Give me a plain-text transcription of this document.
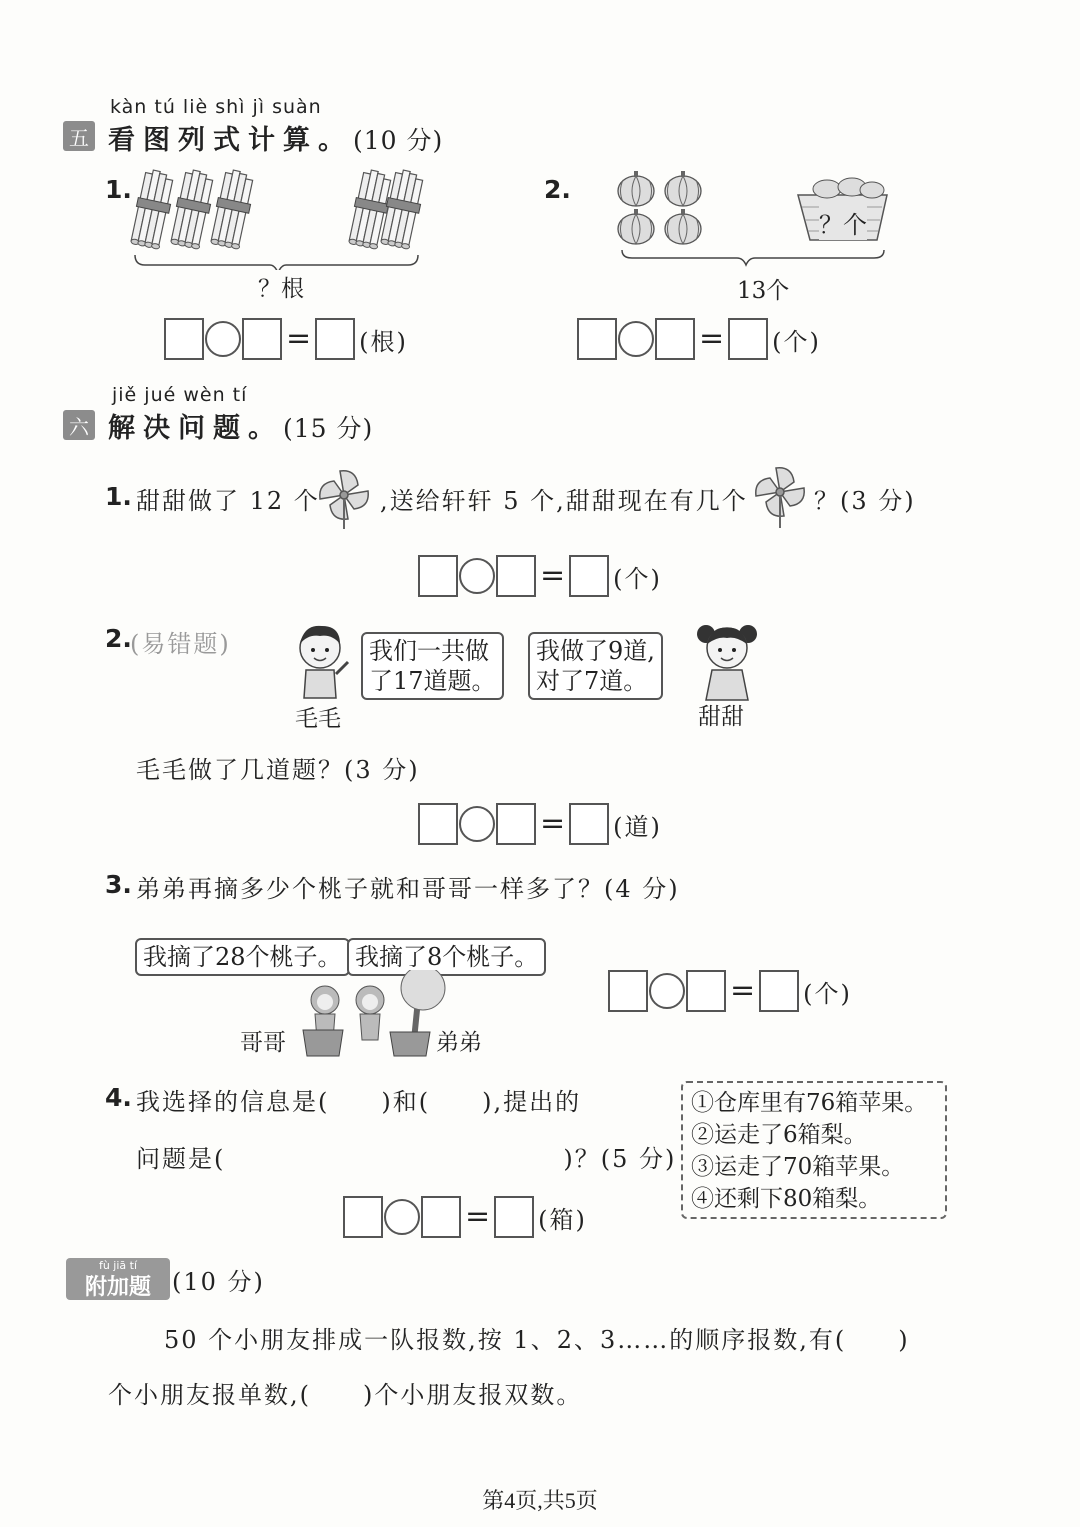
kàn tú liè shì jì suàn
五 看图列式计算。(10 分)
1.
？根
= (根)
2.
？个
13个
= (个)
jiě jué wèn tí
六 解决问题。(15 分)
1. 甜甜做了 12 个	,送给轩轩 5 个,甜甜现在有几个	？(3 分)
= (个)
2.
(易错题)	我们一共做
了17道题。
我做了9道,
对了7道。
毛毛	甜甜
毛毛做了几道题？(3 分)
= (道)
3. 弟弟再摘多少个桃子就和哥哥一样多了？(4 分)
我摘了28个桃子。 我摘了8个桃子。
哥哥	弟弟
= (个)
4. 我选择的信息是(　　)和(　　),提出的
问题是(　　　　　　　　　　　　　)？(5 分)
①仓库里有76箱苹果。
②运走了6箱梨。
③运走了70箱苹果。
④还剩下80箱梨。
= (箱)
fù jiā tí
附加题 (10 分)
50 个小朋友排成一队报数,按 1、2、3……的顺序报数,有(　　)
个小朋友报单数,(　　)个小朋友报双数。
第4页,共5页
